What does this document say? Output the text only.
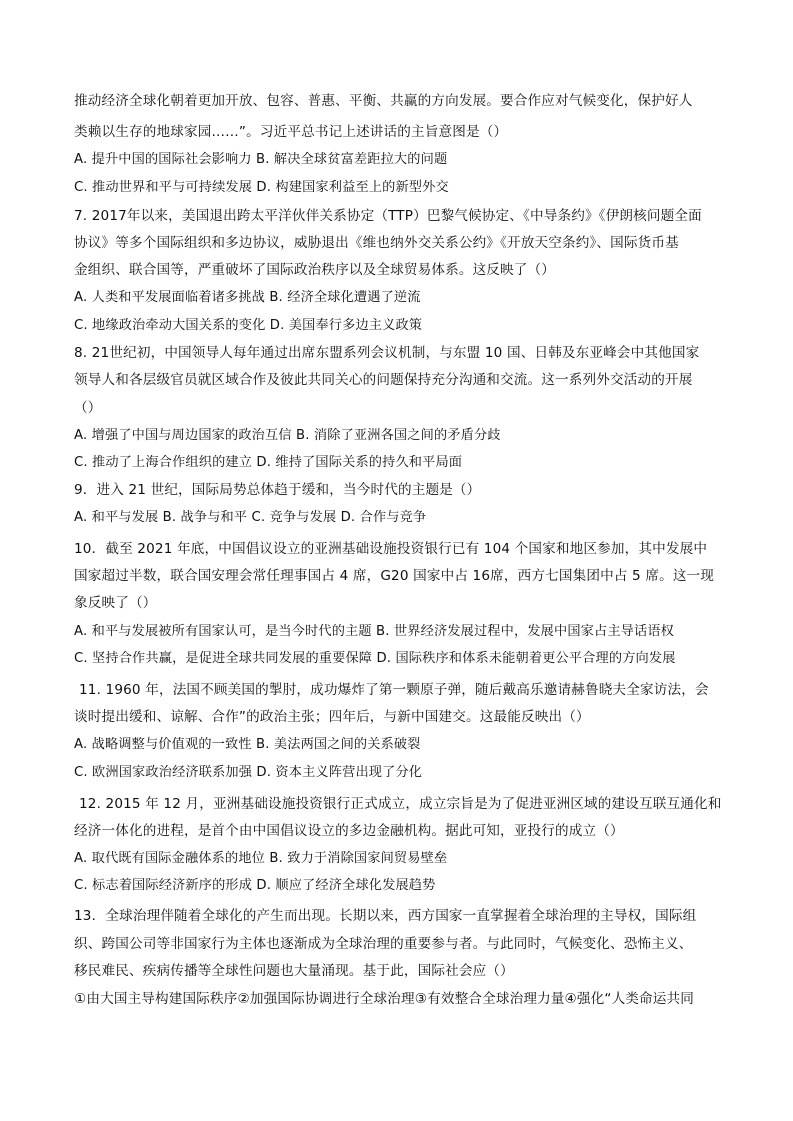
推动经济全球化朝着更加开放、包容、普惠、平衡、共赢的方向发展。要合作应对气候变化，保护好人
类赖以生存的地球家园……”。习近平总书记上述讲话的主旨意图是（）
A. 提升中国的国际社会影响力 B. 解决全球贫富差距拉大的问题
C. 推动世界和平与可持续发展 D. 构建国家利益至上的新型外交
7. 2017年以来，美国退出跨太平洋伙伴关系协定（TTP）巴黎气候协定、《中导条约》《伊朗核问题全面
协议》等多个国际组织和多边协议，威胁退出《维也纳外交关系公约》《开放天空条约》、国际货币基
金组织、联合国等，严重破坏了国际政治秩序以及全球贸易体系。这反映了（）
A. 人类和平发展面临着诸多挑战 B. 经济全球化遭遇了逆流
C. 地缘政治牵动大国关系的变化 D. 美国奉行多边主义政策
8. 21世纪初，中国领导人每年通过出席东盟系列会议机制，与东盟 10 国、日韩及东亚峰会中其他国家
领导人和各层级官员就区域合作及彼此共同关心的问题保持充分沟通和交流。这一系列外交活动的开展
（）
A. 增强了中国与周边国家的政治互信 B. 消除了亚洲各国之间的矛盾分歧
C. 推动了上海合作组织的建立 D. 维持了国际关系的持久和平局面
9．进入 21 世纪，国际局势总体趋于缓和，当今时代的主题是（）
A. 和平与发展 B. 战争与和平 C. 竞争与发展 D. 合作与竞争
10．截至 2021 年底，中国倡议设立的亚洲基础设施投资银行已有 104 个国家和地区参加，其中发展中
国家超过半数，联合国安理会常任理事国占 4 席，G20 国家中占 16席，西方七国集团中占 5 席。这一现
象反映了（）
A. 和平与发展被所有国家认可，是当今时代的主题 B. 世界经济发展过程中，发展中国家占主导话语权
C. 坚持合作共赢，是促进全球共同发展的重要保障 D. 国际秩序和体系未能朝着更公平合理的方向发展
11. 1960 年，法国不顾美国的掣肘，成功爆炸了第一颗原子弹，随后戴高乐邀请赫鲁晓夫全家访法，会
谈时提出缓和、谅解、合作”的政治主张；四年后，与新中国建交。这最能反映出（）
A. 战略调整与价值观的一致性 B. 美法两国之间的关系破裂
C. 欧洲国家政治经济联系加强 D. 资本主义阵营出现了分化
12. 2015 年 12 月，亚洲基础设施投资银行正式成立，成立宗旨是为了促进亚洲区域的建设互联互通化和
经济一体化的进程，是首个由中国倡议设立的多边金融机构。据此可知，亚投行的成立（）
A. 取代既有国际金融体系的地位 B. 致力于消除国家间贸易壁垒
C. 标志着国际经济新序的形成 D. 顺应了经济全球化发展趋势
13．全球治理伴随着全球化的产生而出现。长期以来，西方国家一直掌握着全球治理的主导权，国际组
织、跨国公司等非国家行为主体也逐渐成为全球治理的重要参与者。与此同时，气候变化、恐怖主义、
移民难民、疾病传播等全球性问题也大量涌现。基于此，国际社会应（）
①由大国主导构建国际秩序②加强国际协调进行全球治理③有效整合全球治理力量④强化“人类命运共同
